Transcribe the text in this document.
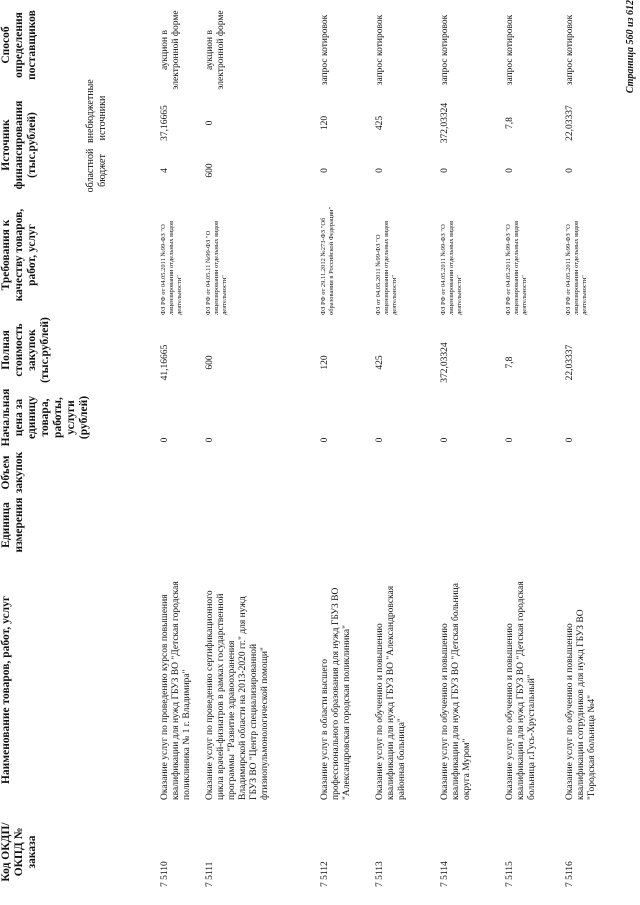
Код ОКДП/ ОКПД № заказа
Наименование товаров, работ, услуг
Единица измерения
Объем закупок
Начальная цена за единицу товара, работы, услуги (рублей)
Полная стоимость закупок (тыс.рублей)
Требования к качеству товаров, работ, услуг
Источник финансирования (тыс.рублей)	областной бюджет
внебюджетные источники
Способ определения поставщиков
7 5110
Оказание услуг по проведению курсов повышения квалификации для нужд ГБУЗ ВО "Детская городская поликлиника № 1 г. Владимира"
0
41,16665
ФЗ РФ от 04.05.2011 №99-ФЗ "О лицензировании отдельных видов деятельности"
4
37,16665
аукцион в электронной форме
7 5111
Оказание услуг по проведению сертификационного цикла врачей-физиатров в рамках государственной программы "Развитие здравоохранения Владимирской области на 2013-2020 гг." для нужд ГБУЗ ВО "Центр специализированной фтизиопульмонологической помощи"
0
600
ФЗ РФ от 04.05.11 №99-ФЗ "О лицензировании отдельных видов деятельности"
600
0
аукцион в электронной форме
7 5112
Оказание услуг в области высшего профессионального образования для нужд ГБУЗ ВО "Александровская городская поликлиника"
0
120
ФЗ РФ от 29.11.2012 №273-ФЗ "Об образовании в Российской Федерации"
0
120
запрос котировок
7 5113
Оказание услуг по обучению и повышению квалификации для нужд ГБУЗ ВО "Александровская районная больница"
0
425
ФЗ от 04.05.2011 №99-ФЗ "О лицензировании отдельных видов деятельности"
0
425
запрос котировок
7 5114
Оказание услуг по обучению и повышению квалификации для нужд ГБУЗ ВО "Детская больница округа Муром"
0
372,03324
ФЗ РФ от 04.05.2011 №99-ФЗ "О лицензировании отдельных видов деятельности"
0
372,03324
запрос котировок
7 5115
Оказание услуг по обучению и повышению квалификации для нужд ГБУЗ ВО "Детская городская больница г.Гусь-Хрустальный"
0
7,8
ФЗ РФ от 04.05.2011 №99-ФЗ "О лицензировании отдельных видов деятельности"
0
7,8
запрос котировок
7 5116
Оказание услуг по обучению и повышению квалификации сотрудников для нужд ГБУЗ ВО "Городская больница №4"
0
22,03337
ФЗ РФ от 04.05.2011 №99-ФЗ "О лицензировании отдельных видов деятельности"
0
22,03337
запрос котировок	Страница 560 из 612
